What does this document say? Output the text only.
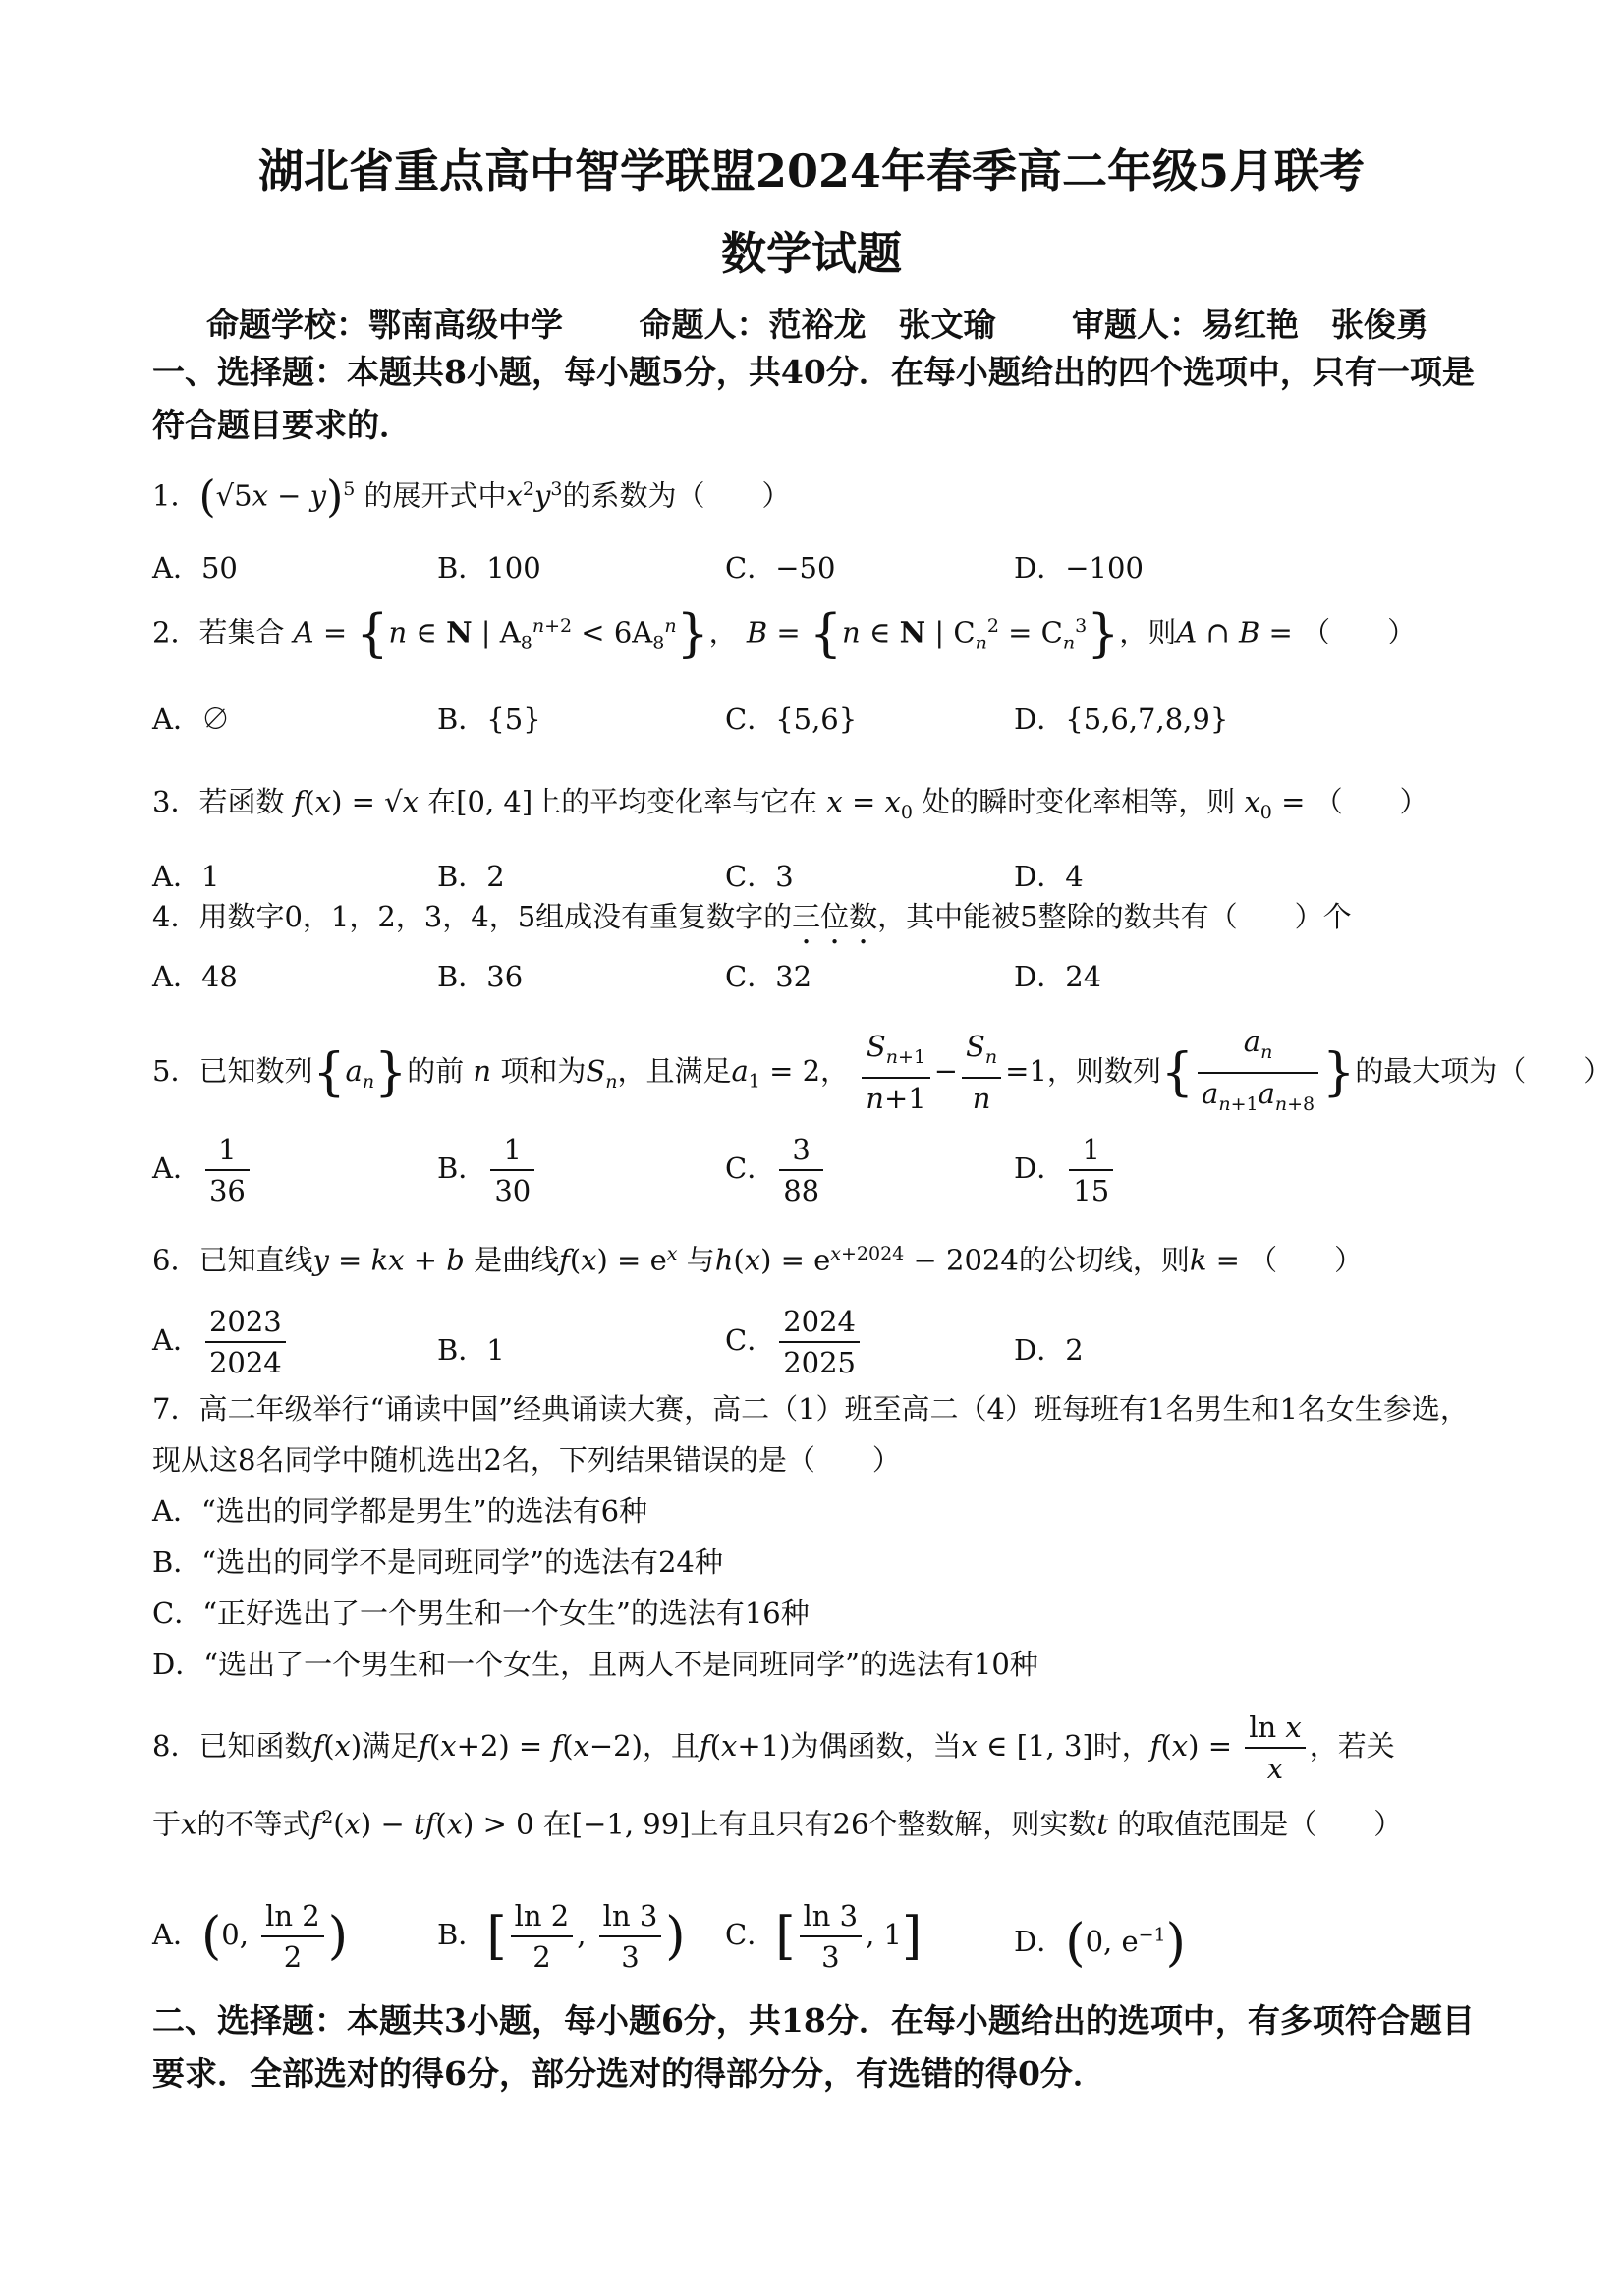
湖北省重点高中智学联盟2024年春季高二年级5月联考
数学试题
命题学校：鄂南高级中学　　 命题人：范裕龙　张文瑜　　 审题人：易红艳　张俊勇
一、选择题：本题共8小题，每小题5分，共40分．在每小题给出的四个选项中，只有一项是符合题目要求的．
1．$(√5x - y)^5$ 的展开式中$x^2y^3$的系数为（　　）
A．50	B．100	C．−50	D．−100
2．若集合 A = {n ∈ N | $A_8^{n+2} < 6A_8^n$}， B = {n ∈ N | $C_n^2 = C_n^3$}，则A ∩ B = （　　）
A．∅	B．{5}	C．{5,6}	D．{5,6,7,8,9}
3．若函数 f(x) = √x 在[0, 4]上的平均变化率与它在 $x = x_0$ 处的瞬时变化率相等，则 $x_0$ = （　　）
A．1	B．2	C．3	D．4
4．用数字0，1，2，3，4，5组成没有重复数字的三位数，其中能被5整除的数共有（　　）个
A．48	B．36	C．32	D．24
5．已知数列$\{a_n\}$的前 n 项和为$S_n$，且满足$a_1 = 2$， $\frac{S_{n+1}}{n+1} - \frac{S_n}{n} =1$，则数列{ $\frac{a_n}{a_{n+1}a_{n+8}}$ }的最大项为（　　）
A． $\frac{1}{36}$	B． $\frac{1}{30}$	C． $\frac{3}{88}$	D． $\frac{1}{15}$
6．已知直线y = kx + b 是曲线$f(x) = e^x$ 与$h(x) = e^{x+2024} - 2024$的公切线，则k = （　　）
A． $\frac{2023}{2024}$	B．1	C． $\frac{2024}{2025}$	D．2
7．高二年级举行“诵读中国”经典诵读大赛，高二（1）班至高二（4）班每班有1名男生和1名女生参选，
现从这8名同学中随机选出2名，下列结果错误的是（　　）
A．“选出的同学都是男生”的选法有6种
B．“选出的同学不是同班同学”的选法有24种
C．“正好选出了一个男生和一个女生”的选法有16种
D．“选出了一个男生和一个女生，且两人不是同班同学”的选法有10种
8．已知函数f(x)满足f(x+2) = f(x−2)，且f(x+1)为偶函数，当x ∈ [1, 3]时，$f(x) = \frac{\text{ln x}}{x}$ ，若关
于x的不等式$f^2(x) - tf(x) > 0$ 在[−1, 99]上有且只有26个整数解，则实数t 的取值范围是（　　）
A．(0, $\frac{\ln 2}{2}$ )	B．[ $\frac{\ln 2}{2}$ , $\frac{\ln 3}{3}$ ) C．[ $\frac{\ln 3}{3}$ , 1]	D．(0, $e^{-1}$)
二、选择题：本题共3小题，每小题6分，共18分．在每小题给出的选项中，有多项符合题目要求．全部选对的得6分，部分选对的得部分分，有选错的得0分．
